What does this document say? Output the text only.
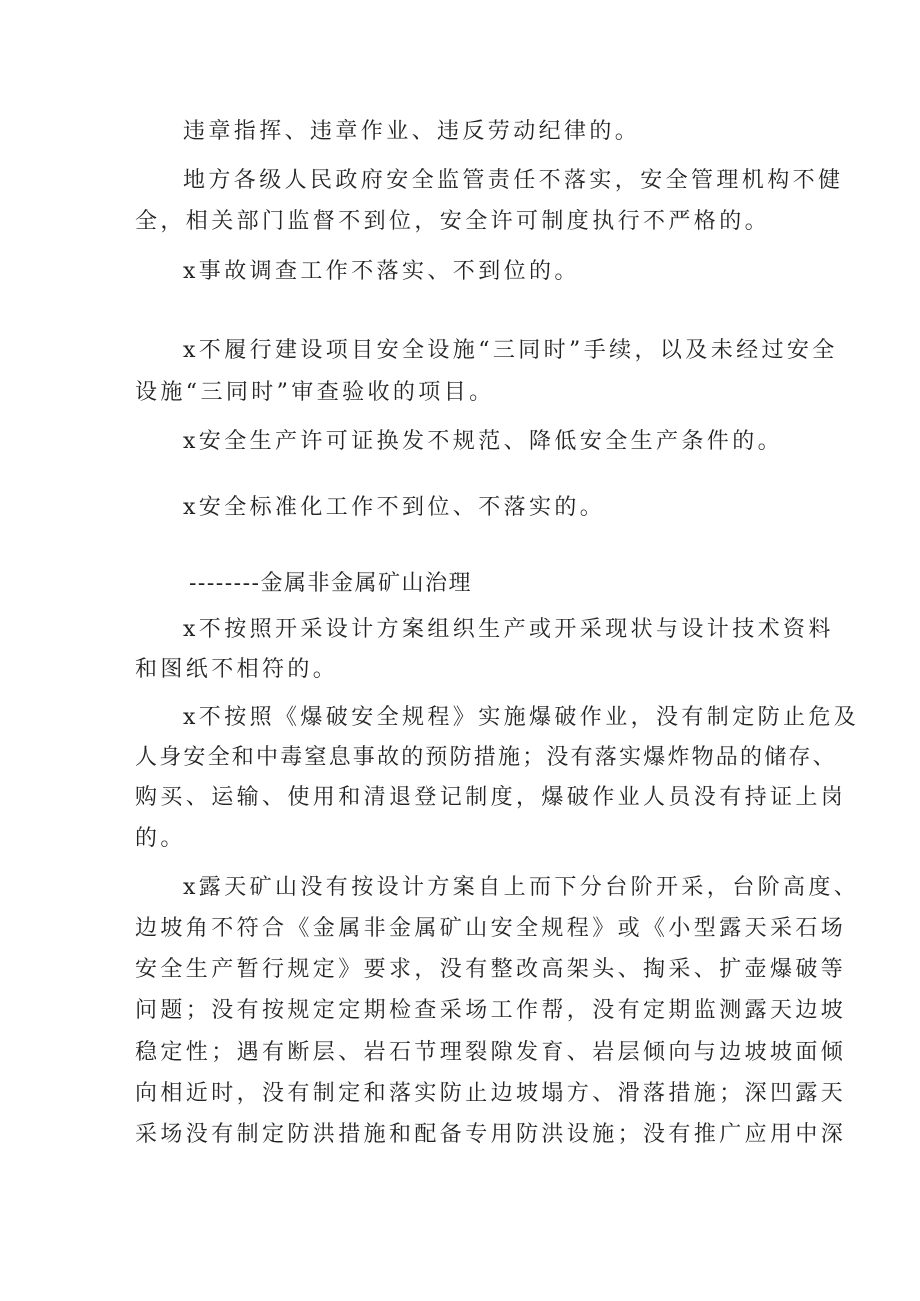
违章指挥、违章作业、违反劳动纪律的。
地方各级人民政府安全监管责任不落实，安全管理机构不健
全，相关部门监督不到位，安全许可制度执行不严格的。
x事故调查工作不落实、不到位的。
x不履行建设项目安全设施“三同时”手续，以及未经过安全
设施“三同时”审查验收的项目。
x安全生产许可证换发不规范、降低安全生产条件的。
x安全标准化工作不到位、不落实的。
--------金属非金属矿山治理
x不按照开采设计方案组织生产或开采现状与设计技术资料
和图纸不相符的。
x不按照《爆破安全规程》实施爆破作业，没有制定防止危及
人身安全和中毒窒息事故的预防措施；没有落实爆炸物品的储存、
购买、运输、使用和清退登记制度，爆破作业人员没有持证上岗
的。
x露天矿山没有按设计方案自上而下分台阶开采，台阶高度、
边坡角不符合《金属非金属矿山安全规程》或《小型露天采石场
安全生产暂行规定》要求，没有整改高架头、掏采、扩壶爆破等
问题；没有按规定定期检查采场工作帮，没有定期监测露天边坡
稳定性；遇有断层、岩石节理裂隙发育、岩层倾向与边坡坡面倾
向相近时，没有制定和落实防止边坡塌方、滑落措施；深凹露天
采场没有制定防洪措施和配备专用防洪设施；没有推广应用中深
